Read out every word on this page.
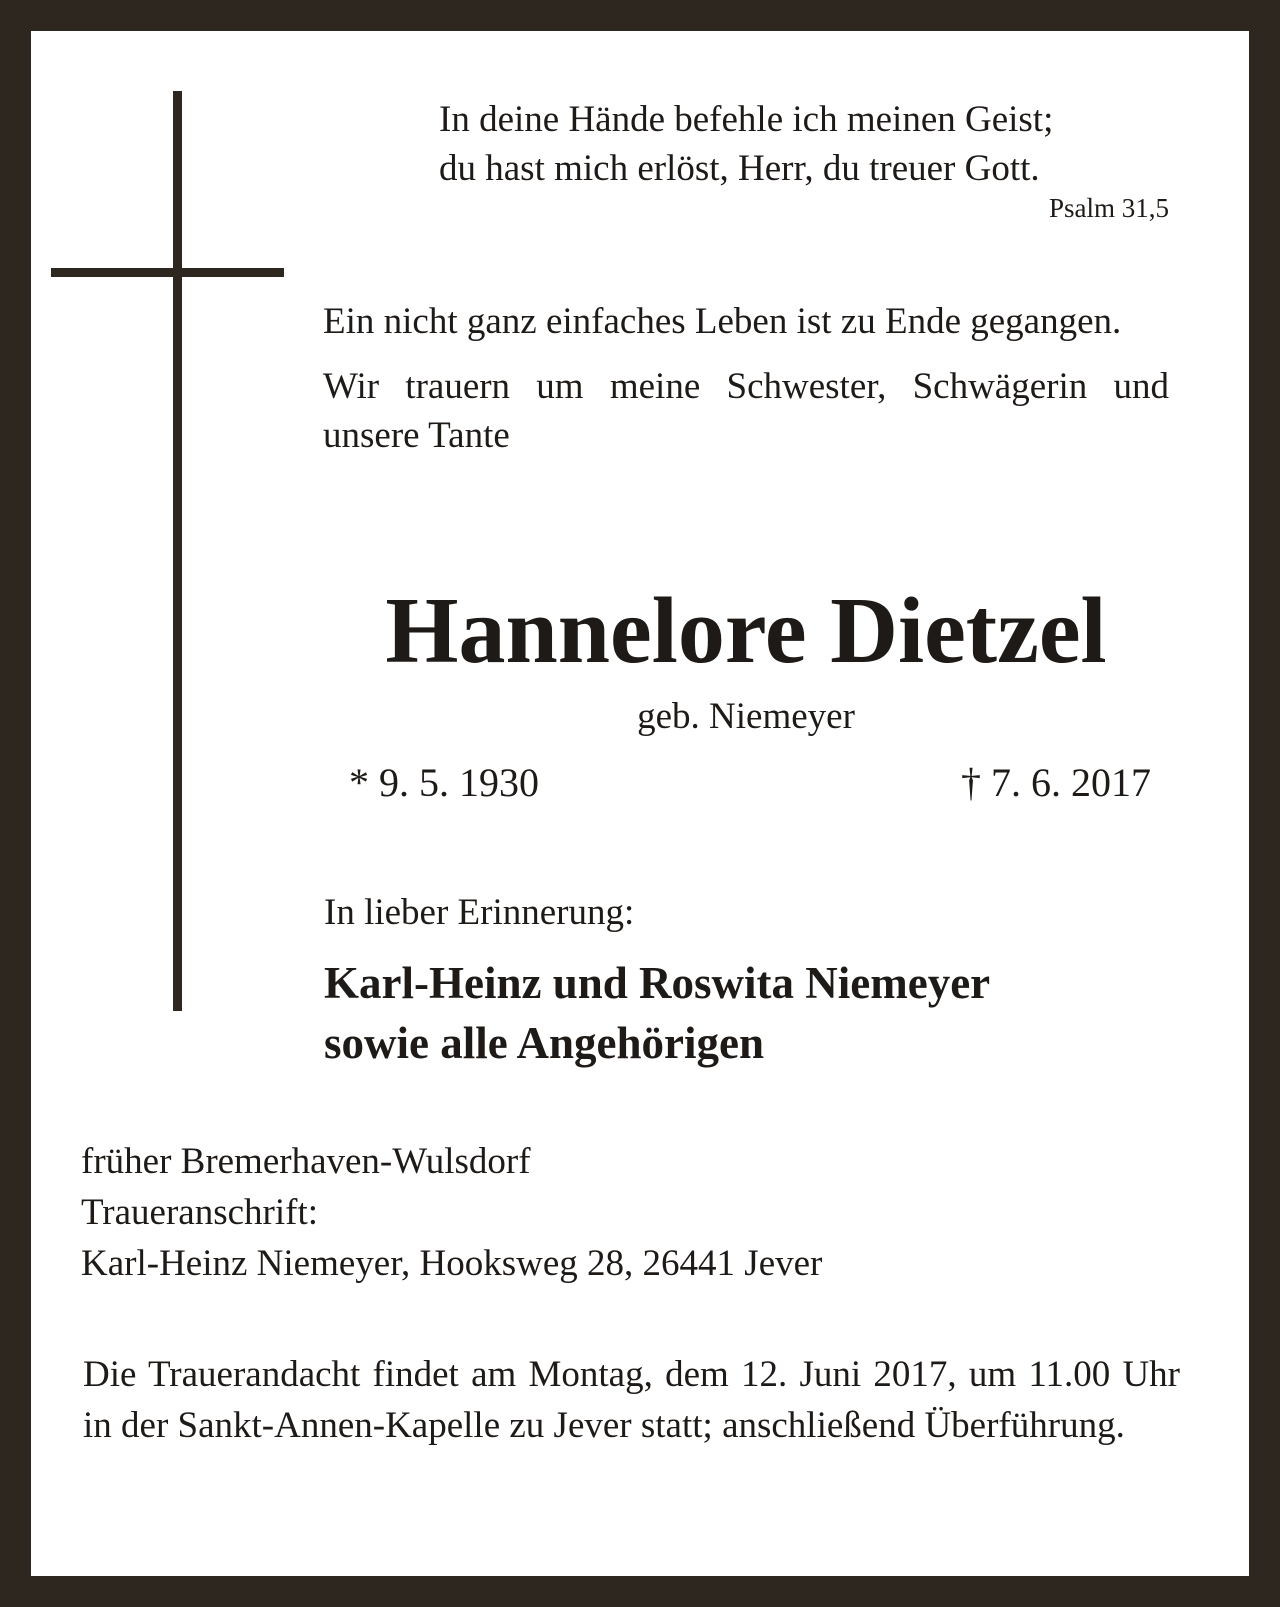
In deine Hände befehle ich meinen Geist;
du hast mich erlöst, Herr, du treuer Gott.
Psalm 31,5

Ein nicht ganz einfaches Leben ist zu Ende gegangen.

Wir trauern um meine Schwester, Schwägerin und unsere Tante

Hannelore Dietzel
geb. Niemeyer
* 9. 5. 1930	† 7. 6. 2017
In lieber Erinnerung:
Karl-Heinz und Roswita Niemeyer
sowie alle Angehörigen
früher Bremerhaven-Wulsdorf
Traueranschrift:
Karl-Heinz Niemeyer, Hooksweg 28, 26441 Jever
Die Trauerandacht findet am Montag, dem 12. Juni 2017, um 11.00 Uhr in der Sankt-Annen-Kapelle zu Jever statt; anschließend Überführung.
